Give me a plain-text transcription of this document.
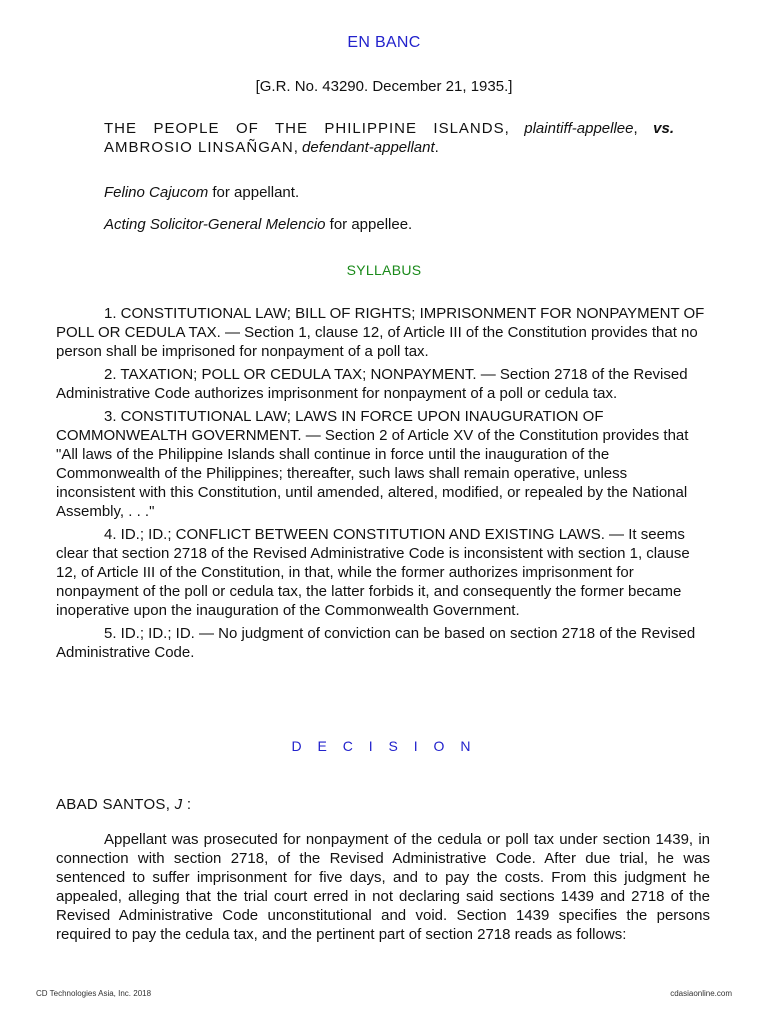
EN BANC
[G.R. No. 43290. December 21, 1935.]
THE PEOPLE OF THE PHILIPPINE ISLANDS, plaintiff-appellee, vs. AMBROSIO LINSAÑGAN, defendant-appellant.
Felino Cajucom for appellant.
Acting Solicitor-General Melencio for appellee.
SYLLABUS

1. CONSTITUTIONAL LAW; BILL OF RIGHTS; IMPRISONMENT FOR NONPAYMENT OF POLL OR CEDULA TAX. — Section 1, clause 12, of Article III of the Constitution provides that no person shall be imprisoned for nonpayment of a poll tax.

2. TAXATION; POLL OR CEDULA TAX; NONPAYMENT. — Section 2718 of the Revised Administrative Code authorizes imprisonment for nonpayment of a poll or cedula tax.

3. CONSTITUTIONAL LAW; LAWS IN FORCE UPON INAUGURATION OF COMMONWEALTH GOVERNMENT. — Section 2 of Article XV of the Constitution provides that "All laws of the Philippine Islands shall continue in force until the inauguration of the Commonwealth of the Philippines; thereafter, such laws shall remain operative, unless inconsistent with this Constitution, until amended, altered, modified, or repealed by the National Assembly, . . ."

4. ID.; ID.; CONFLICT BETWEEN CONSTITUTION AND EXISTING LAWS. — It seems clear that section 2718 of the Revised Administrative Code is inconsistent with section 1, clause 12, of Article III of the Constitution, in that, while the former authorizes imprisonment for nonpayment of the poll or cedula tax, the latter forbids it, and consequently the former became inoperative upon the inauguration of the Commonwealth Government.

5. ID.; ID.; ID. — No judgment of conviction can be based on section 2718 of the Revised Administrative Code.

D E C I S I O N
ABAD SANTOS, J :

Appellant was prosecuted for nonpayment of the cedula or poll tax under section 1439, in connection with section 2718, of the Revised Administrative Code. After due trial, he was sentenced to suffer imprisonment for five days, and to pay the costs. From this judgment he appealed, alleging that the trial court erred in not declaring said sections 1439 and 2718 of the Revised Administrative Code unconstitutional and void. Section 1439 specifies the persons required to pay the cedula tax, and the pertinent part of section 2718 reads as follows:

CD Technologies Asia, Inc. 2018	cdasiaonline.com
